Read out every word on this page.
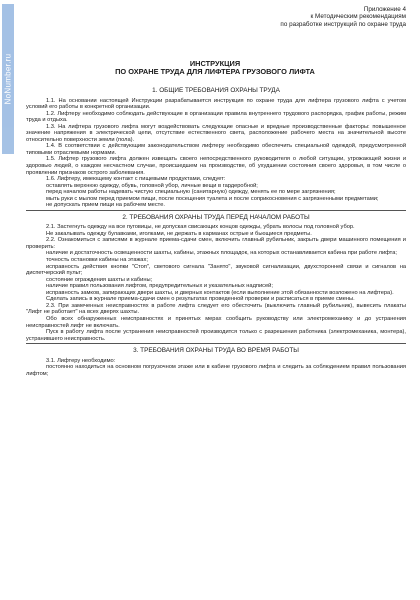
NoNumber.ru
Приложение 4
к Методическим рекомендациям
по разработке инструкций по охране труда
ИНСТРУКЦИЯ
ПО ОХРАНЕ ТРУДА ДЛЯ ЛИФТЕРА ГРУЗОВОГО ЛИФТА
1. ОБЩИЕ ТРЕБОВАНИЯ ОХРАНЫ ТРУДА

1.1. На основании настоящей Инструкции разрабатывается инструкция по охране труда для лифтера грузового лифта с учетом условий его работы в конкретной организации.

1.2. Лифтеру необходимо соблюдать действующие в организации правила внутреннего трудового распорядка, график работы, режим труда и отдыха.

1.3. На лифтера грузового лифта могут воздействовать следующие опасные и вредные производственные факторы: повышенное значение напряжения в электрической цепи, отсутствие естественного света, расположение рабочего места на значительной высоте относительно поверхности земли (пола).

1.4. В соответствии с действующим законодательством лифтеру необходимо обеспечить специальной одеждой, предусмотренной типовыми отраслевыми нормами.

1.5. Лифтер грузового лифта должен извещать своего непосредственного руководителя о любой ситуации, угрожающей жизни и здоровью людей, о каждом несчастном случае, происшедшем на производстве, об ухудшении состояния своего здоровья, в том числе о проявлении признаков острого заболевания.

1.6. Лифтеру, имеющему контакт с пищевыми продуктами, следует:

оставлять верхнюю одежду, обувь, головной убор, личные вещи в гардеробной;

перед началом работы надевать чистую специальную (санитарную) одежду, менять ее по мере загрязнения;

мыть руки с мылом перед приемом пищи, после посещения туалета и после соприкосновения с загрязненными предметами;

не допускать прием пищи на рабочем месте.

2. ТРЕБОВАНИЯ ОХРАНЫ ТРУДА ПЕРЕД НАЧАЛОМ РАБОТЫ

2.1. Застегнуть одежду на все пуговицы, не допуская свисающих концов одежды, убрать волосы под головной убор.

Не закалывать одежду булавками, иголками, не держать в карманах острые и бьющиеся предметы.

2.2. Ознакомиться с записями в журнале приема-сдачи смен, включить главный рубильник, закрыть двери машинного помещения и проверить:

наличие и достаточность освещенности шахты, кабины, этажных площадок, на которых останавливается кабина при работе лифта;

точность остановки кабины на этажах;

исправность действия кнопки "Стоп", светового сигнала "Занято", звуковой сигнализации, двухсторонней связи и сигналов на диспетчерский пульт;

состояние ограждения шахты и кабины;

наличие правил пользования лифтом, предупредительных и указательных надписей;

исправность замков, запирающих двери шахты, и дверных контактов (если выполнение этой обязанности возложено на лифтера).

Сделать запись в журнале приема-сдачи смен о результатах проведенной проверки и расписаться в приеме смены.

2.3. При замеченных неисправностях в работе лифта следует его обесточить (выключить главный рубильник), вывесить плакаты "Лифт не работает" на всех дверях шахты.

Обо всех обнаруженных неисправностях и принятых мерах сообщить руководству или электромеханику и до устранения неисправностей лифт не включать.

Пуск в работу лифта после устранения неисправностей производится только с разрешения работника (электромеханика, монтера), устранившего неисправность.

3. ТРЕБОВАНИЯ ОХРАНЫ ТРУДА ВО ВРЕМЯ РАБОТЫ

3.1. Лифтеру необходимо:

постоянно находиться на основном погрузочном этаже или в кабине грузового лифта и следить за соблюдением правил пользования лифтом;
